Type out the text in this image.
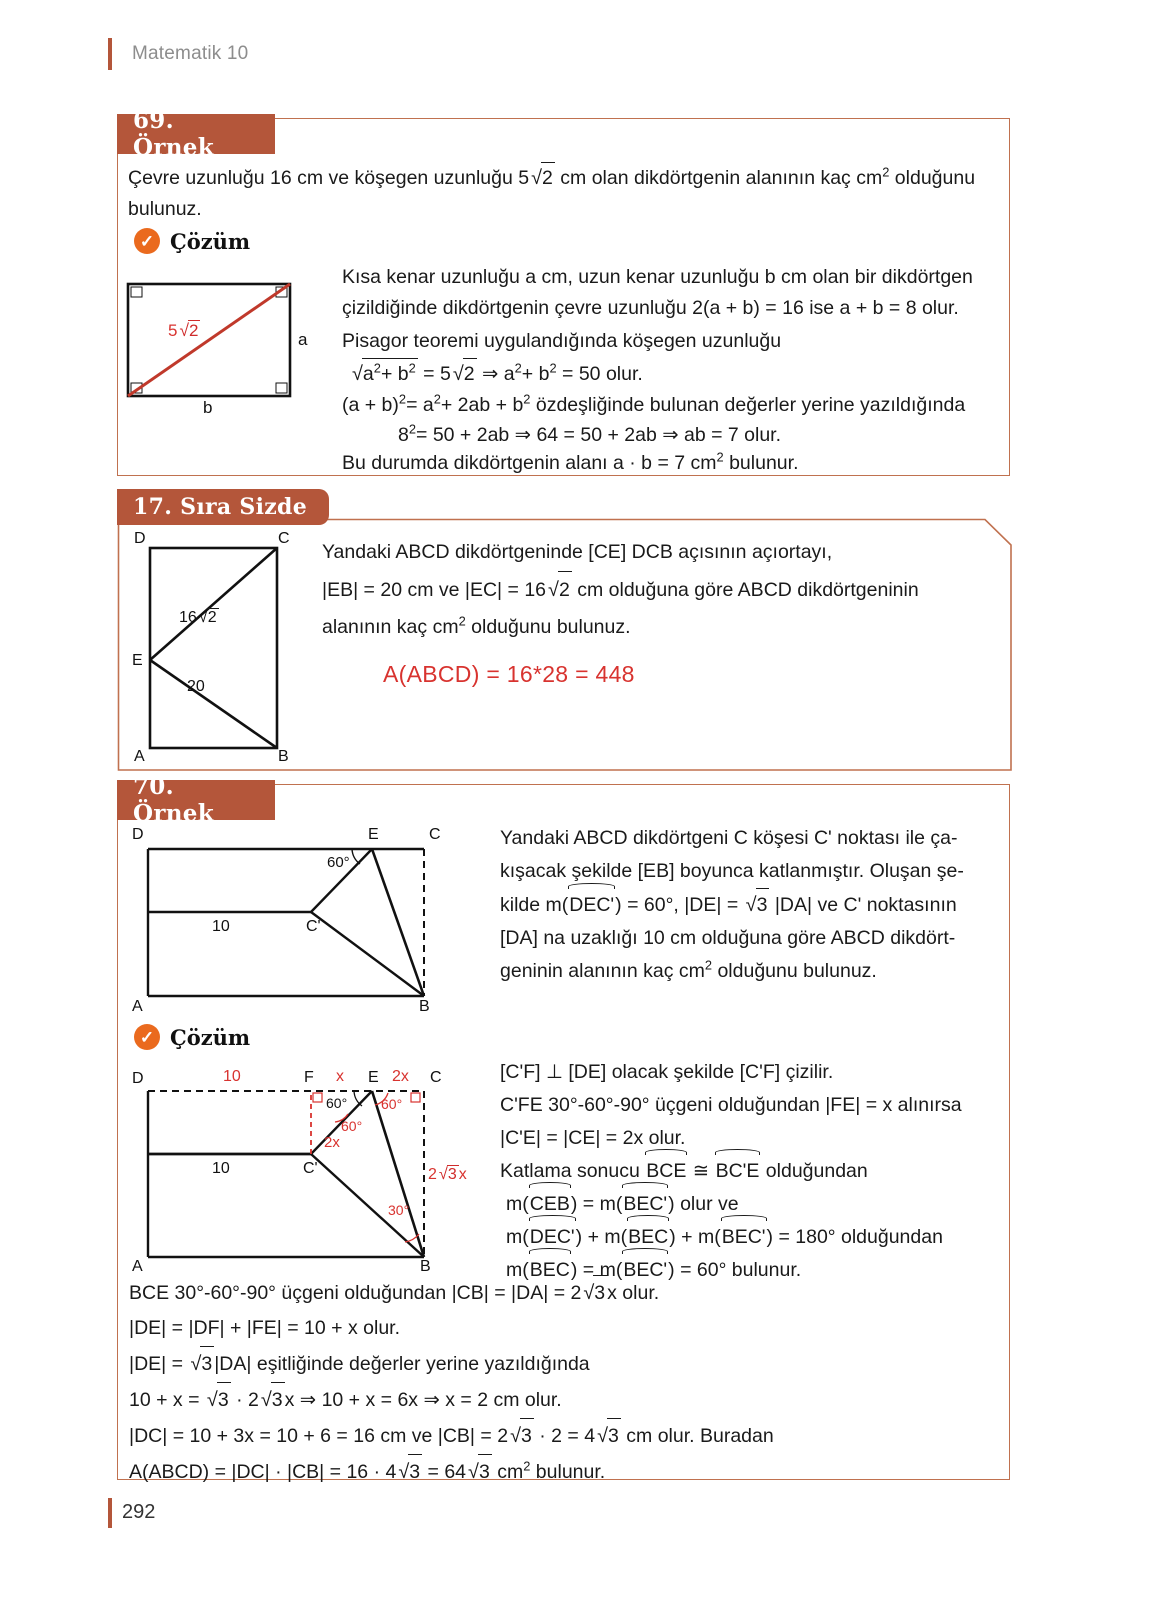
Matematik 10
69. Örnek
Çevre uzunluğu 16 cm ve köşegen uzunluğu 5 √2 cm olan dikdörtgenin alanının kaç $cm^2$ olduğunu
bulunuz.
✓ Çözüm
5 √2	a
b
Kısa kenar uzunluğu a cm, uzun kenar uzunluğu b cm olan bir dikdörtgen
çizildiğinde dikdörtgenin çevre uzunluğu 2(a + b) = 16 ise a + b = 8 olur.
Pisagor teoremi uygulandığında köşegen uzunluğu
$√a^2+ b^2 = 5$ √2 ⇒ $a^2+ b^2 = 50$ olur.
$(a + b)^2= a^2+ 2ab + b^2$ özdeşliğinde bulunan değerler yerine yazıldığında
$8^2= 50 + 2ab$ ⇒ 64 = 50 + 2ab ⇒ ab = 7 olur.
Bu durumda dikdörtgenin alanı a · b = 7 $cm^2$ bulunur.
17. Sıra Sizde
D	C
E
A	B
16 √2
20
Yandaki ABCD dikdörtgeninde [CE] DCB açısının açıortayı,
|EB| = 20 cm ve |EC| = 16 √2 cm olduğuna göre ABCD dikdörtgeninin
alanının kaç $cm^2$ olduğunu bulunuz.
A(ABCD) = 16*28 = 448
70. Örnek
D	E	C
60°
10	C'
A	B
Yandaki ABCD dikdörtgeni C köşesi C' noktası ile ça-
kışacak şekilde [EB] boyunca katlanmıştır. Oluşan şe-
kilde m(DEC') = 60°, |DE| = √3 |DA| ve C' noktasının
[DA] na uzaklığı 10 cm olduğuna göre ABCD dikdört-
geninin alanının kaç $cm^2$ olduğunu bulunuz.
✓ Çözüm
D	10	F x E 2x C
60°
60°
60°
2x
10	C'	2 √3 x
30°
A	B
[C'F] ⊥ [DE] olacak şekilde [C'F] çizilir.
C'FE 30°-60°-90° üçgeni olduğundan |FE| = x alınırsa
|C'E| = |CE| = 2x olur.
Katlama sonucu BCE ≅ BC'E olduğundan
m(CEB) = m(BEC') olur ve
m(DEC') + m(BEC) + m(BEC') = 180° olduğundan
m(BEC) = m(BEC') = 60° bulunur.
BCE 30°-60°-90° üçgeni olduğundan |CB| = |DA| = 2 √3 x olur.
|DE| = |DF| + |FE| = 10 + x olur.
|DE| = √3 |DA| eşitliğinde değerler yerine yazıldığında
10 + x = √3 · 2 √3 x ⇒ 10 + x = 6x ⇒ x = 2 cm olur.
|DC| = 10 + 3x = 10 + 6 = 16 cm ve |CB| = 2 √3 · 2 = 4 √3 cm olur. Buradan
A(ABCD) = |DC| · |CB| = 16 · 4 √3 = 64 √3 $cm^2$ bulunur.
292
